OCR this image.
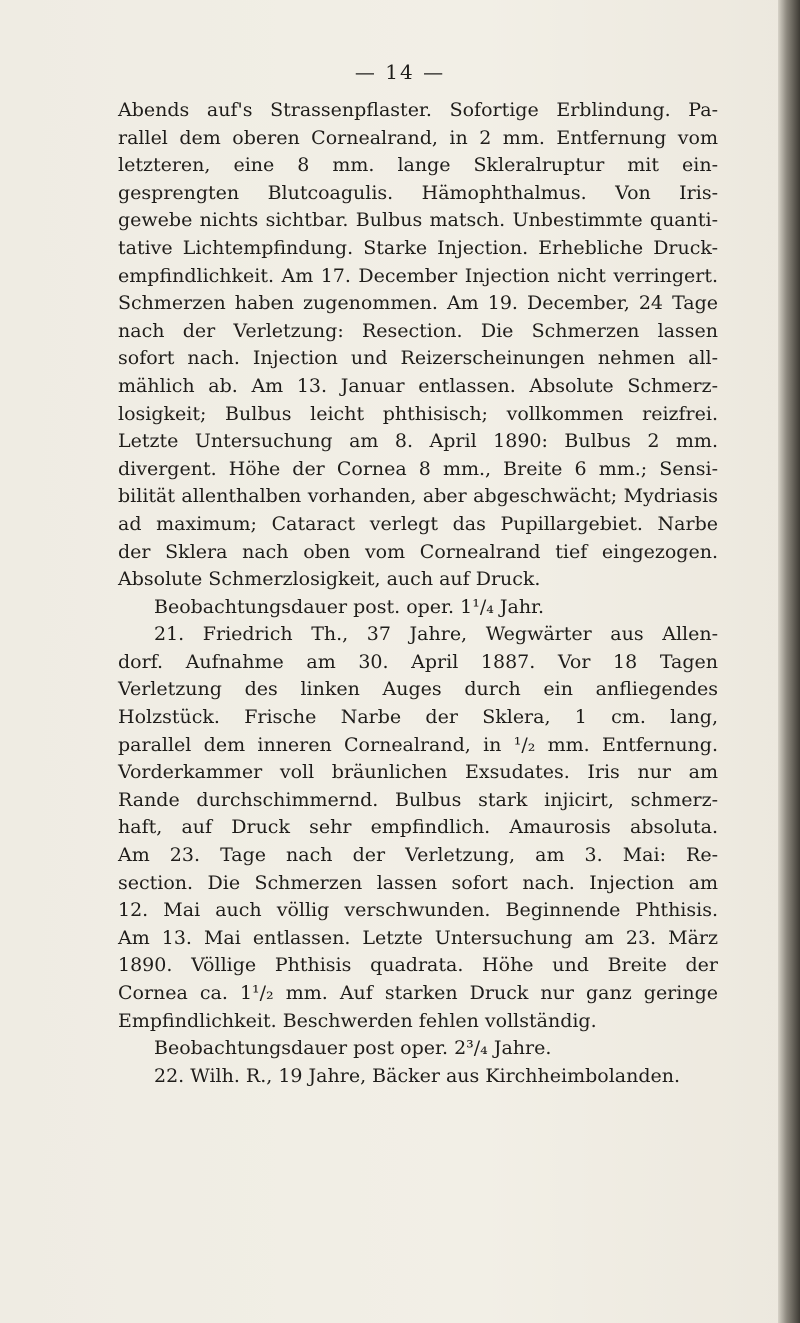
— 14 —
Abends auf's Strassenpflaster. Sofortige Erblindung. Pa-
rallel dem oberen Cornealrand, in 2 mm. Entfernung vom
letzteren, eine 8 mm. lange Skleralruptur mit ein-
gesprengten Blutcoagulis. Hämophthalmus. Von Iris-
gewebe nichts sichtbar. Bulbus matsch. Unbestimmte quanti-
tative Lichtempfindung. Starke Injection. Erhebliche Druck-
empfindlichkeit. Am 17. December Injection nicht verringert.
Schmerzen haben zugenommen. Am 19. December, 24 Tage
nach der Verletzung: Resection. Die Schmerzen lassen
sofort nach. Injection und Reizerscheinungen nehmen all-
mählich ab. Am 13. Januar entlassen. Absolute Schmerz-
losigkeit; Bulbus leicht phthisisch; vollkommen reizfrei.
Letzte Untersuchung am 8. April 1890: Bulbus 2 mm.
divergent. Höhe der Cornea 8 mm., Breite 6 mm.; Sensi-
bilität allenthalben vorhanden, aber abgeschwächt; Mydriasis
ad maximum; Cataract verlegt das Pupillargebiet. Narbe
der Sklera nach oben vom Cornealrand tief eingezogen.
Absolute Schmerzlosigkeit, auch auf Druck.
Beobachtungsdauer post. oper. 1¹/₄ Jahr.
21. Friedrich Th., 37 Jahre, Wegwärter aus Allen-
dorf. Aufnahme am 30. April 1887. Vor 18 Tagen
Verletzung des linken Auges durch ein anfliegendes
Holzstück. Frische Narbe der Sklera, 1 cm. lang,
parallel dem inneren Cornealrand, in ¹/₂ mm. Entfernung.
Vorderkammer voll bräunlichen Exsudates. Iris nur am
Rande durchschimmernd. Bulbus stark injicirt, schmerz-
haft, auf Druck sehr empfindlich. Amaurosis absoluta.
Am 23. Tage nach der Verletzung, am 3. Mai: Re-
section. Die Schmerzen lassen sofort nach. Injection am
12. Mai auch völlig verschwunden. Beginnende Phthisis.
Am 13. Mai entlassen. Letzte Untersuchung am 23. März
1890. Völlige Phthisis quadrata. Höhe und Breite der
Cornea ca. 1¹/₂ mm. Auf starken Druck nur ganz geringe
Empfindlichkeit. Beschwerden fehlen vollständig.
Beobachtungsdauer post oper. 2³/₄ Jahre.
22. Wilh. R., 19 Jahre, Bäcker aus Kirchheimbolanden.
